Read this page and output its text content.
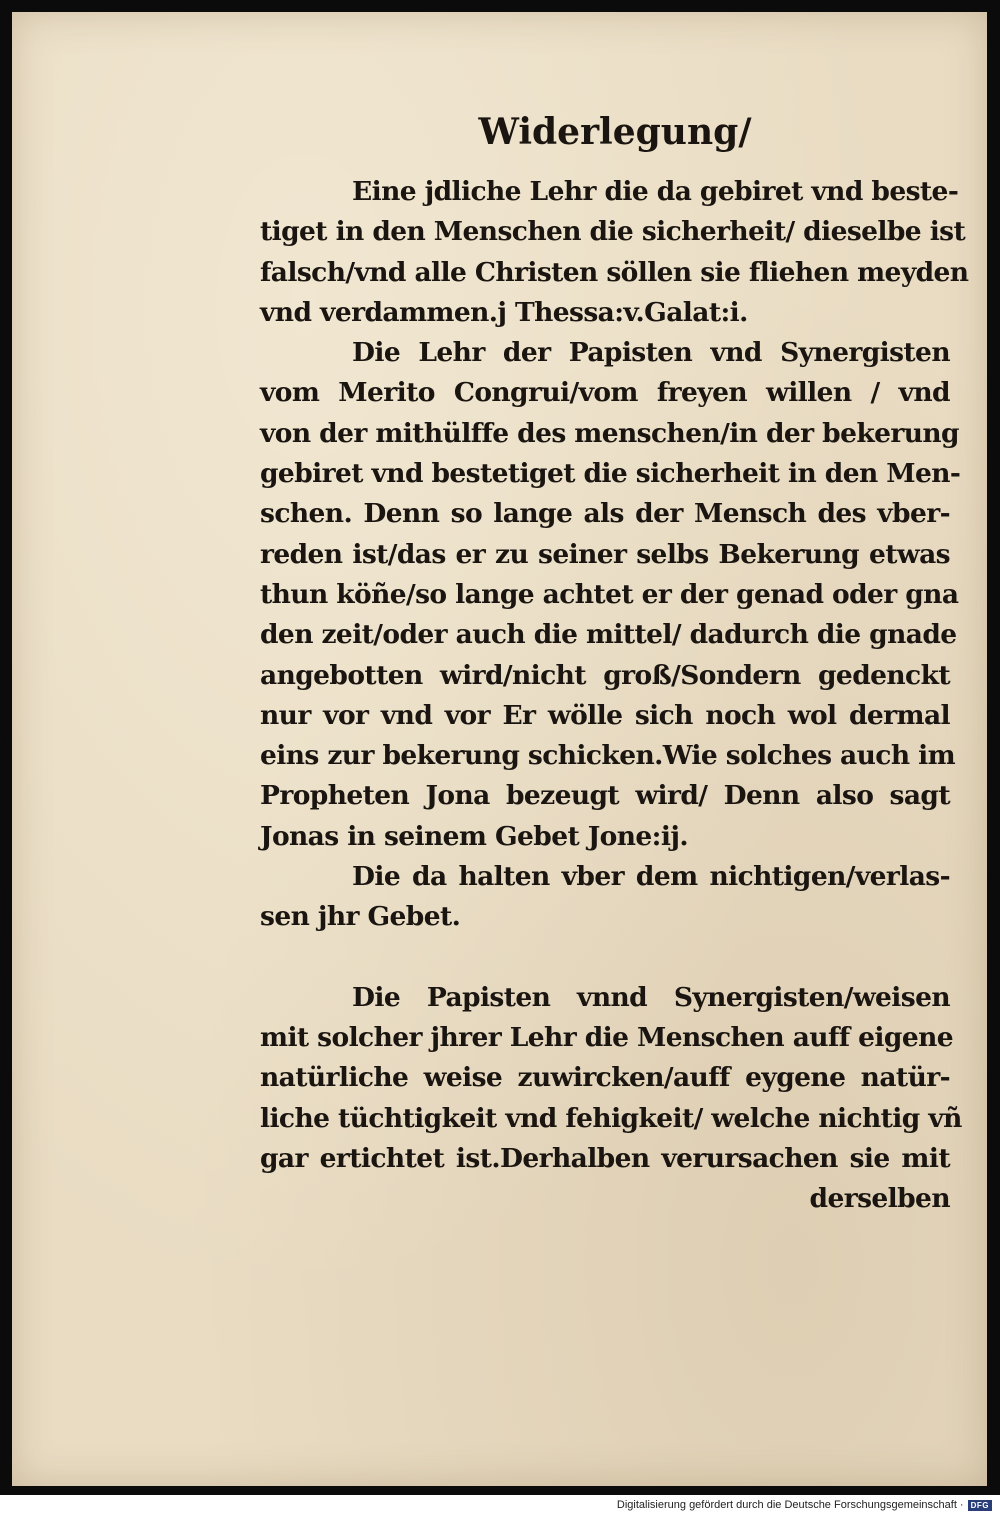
Widerlegung/
Eine jdliche Lehr die da gebiret vnd beste-
tiget in den Menschen die sicherheit/ dieselbe ist
falsch/vnd alle Christen söllen sie fliehen meyden
vnd verdammen.j Thessa:v.Galat:i.
Die Lehr der Papisten vnd Synergisten
vom Merito Congrui/vom freyen willen / vnd
von der mithülffe des menschen/in der bekerung
gebiret vnd bestetiget die sicherheit in den Men-
schen. Denn so lange als der Mensch des vber-
reden ist/das er zu seiner selbs Bekerung etwas
thun köñe/so lange achtet er der genad oder gna
den zeit/oder auch die mittel/ dadurch die gnade
angebotten wird/nicht groß/Sondern gedenckt
nur vor vnd vor Er wölle sich noch wol dermal
eins zur bekerung schicken.Wie solches auch im
Propheten Jona bezeugt wird/ Denn also sagt
Jonas in seinem Gebet Jone:ij.
Die da halten vber dem nichtigen/verlas-
sen jhr Gebet.
Die Papisten vnnd Synergisten/weisen
mit solcher jhrer Lehr die Menschen auff eigene
natürliche weise zuwircken/auff eygene natür-
liche tüchtigkeit vnd fehigkeit/ welche nichtig vñ
gar ertichtet ist.Derhalben verursachen sie mit
derselben
Digitalisierung gefördert durch die Deutsche Forschungsgemeinschaft · DFG
